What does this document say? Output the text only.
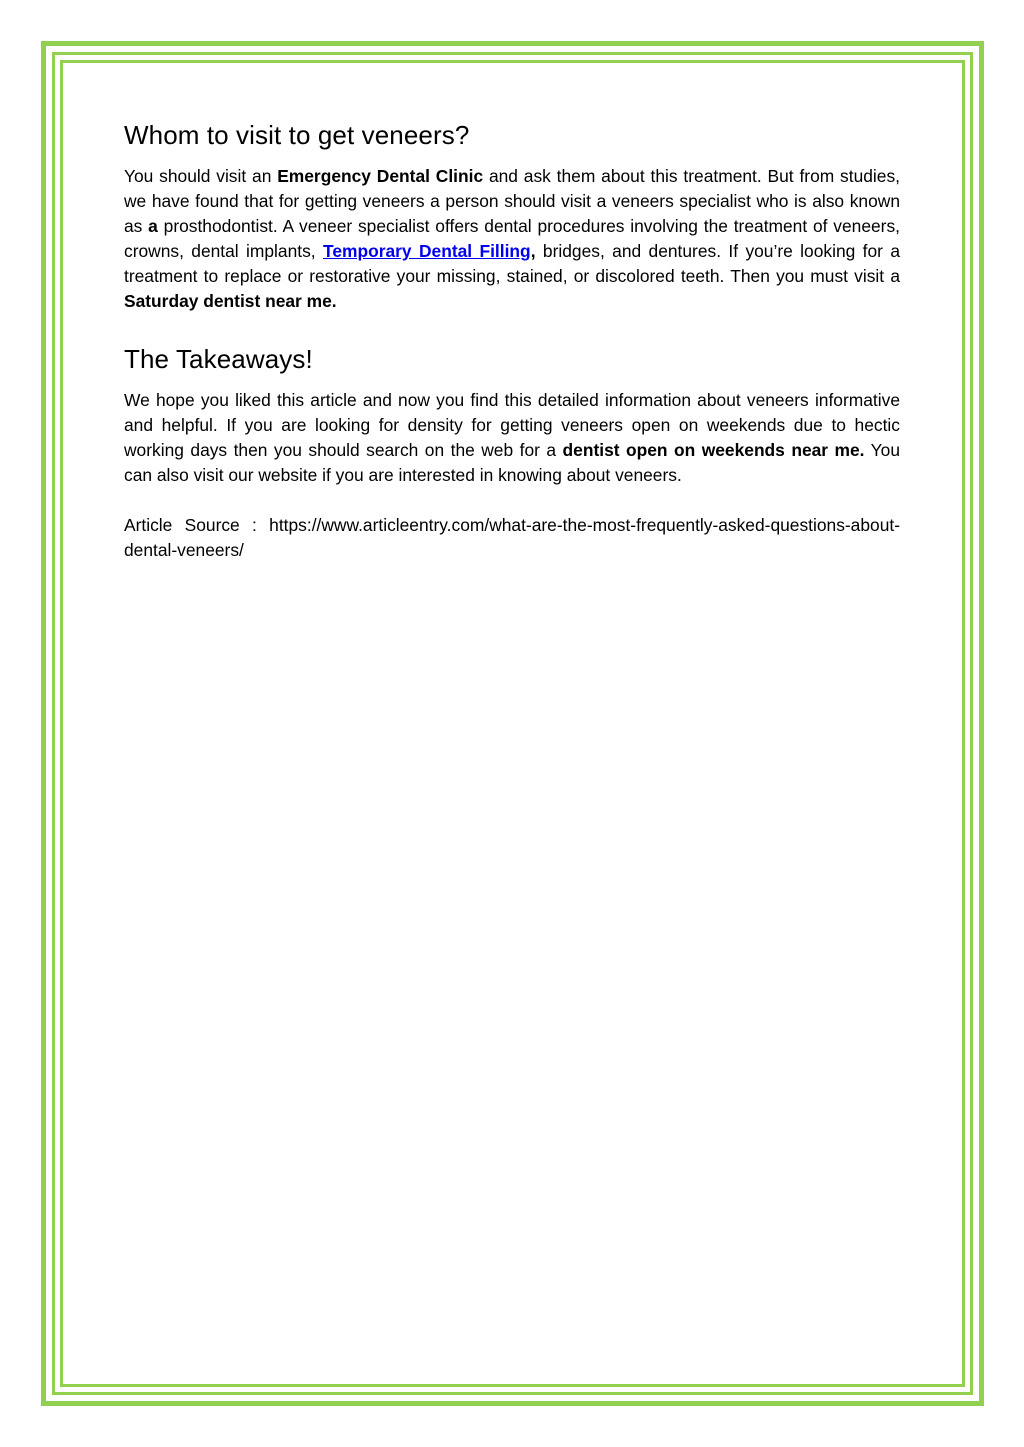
Whom to visit to get veneers?

You should visit an Emergency Dental Clinic and ask them about this treatment. But from studies, we have found that for getting veneers a person should visit a veneers specialist who is also known as a prosthodontist. A veneer specialist offers dental procedures involving the treatment of veneers, crowns, dental implants, Temporary Dental Filling, bridges, and dentures. If you’re looking for a treatment to replace or restorative your missing, stained, or discolored teeth. Then you must visit a Saturday dentist near me.

The Takeaways!

We hope you liked this article and now you find this detailed information about veneers informative and helpful. If you are looking for density for getting veneers open on weekends due to hectic working days then you should search on the web for a dentist open on weekends near me. You can also visit our website if you are interested in knowing about veneers.

Article Source : https://www.articleentry.com/what-are-the-most-frequently-asked-questions-about-dental-veneers/
